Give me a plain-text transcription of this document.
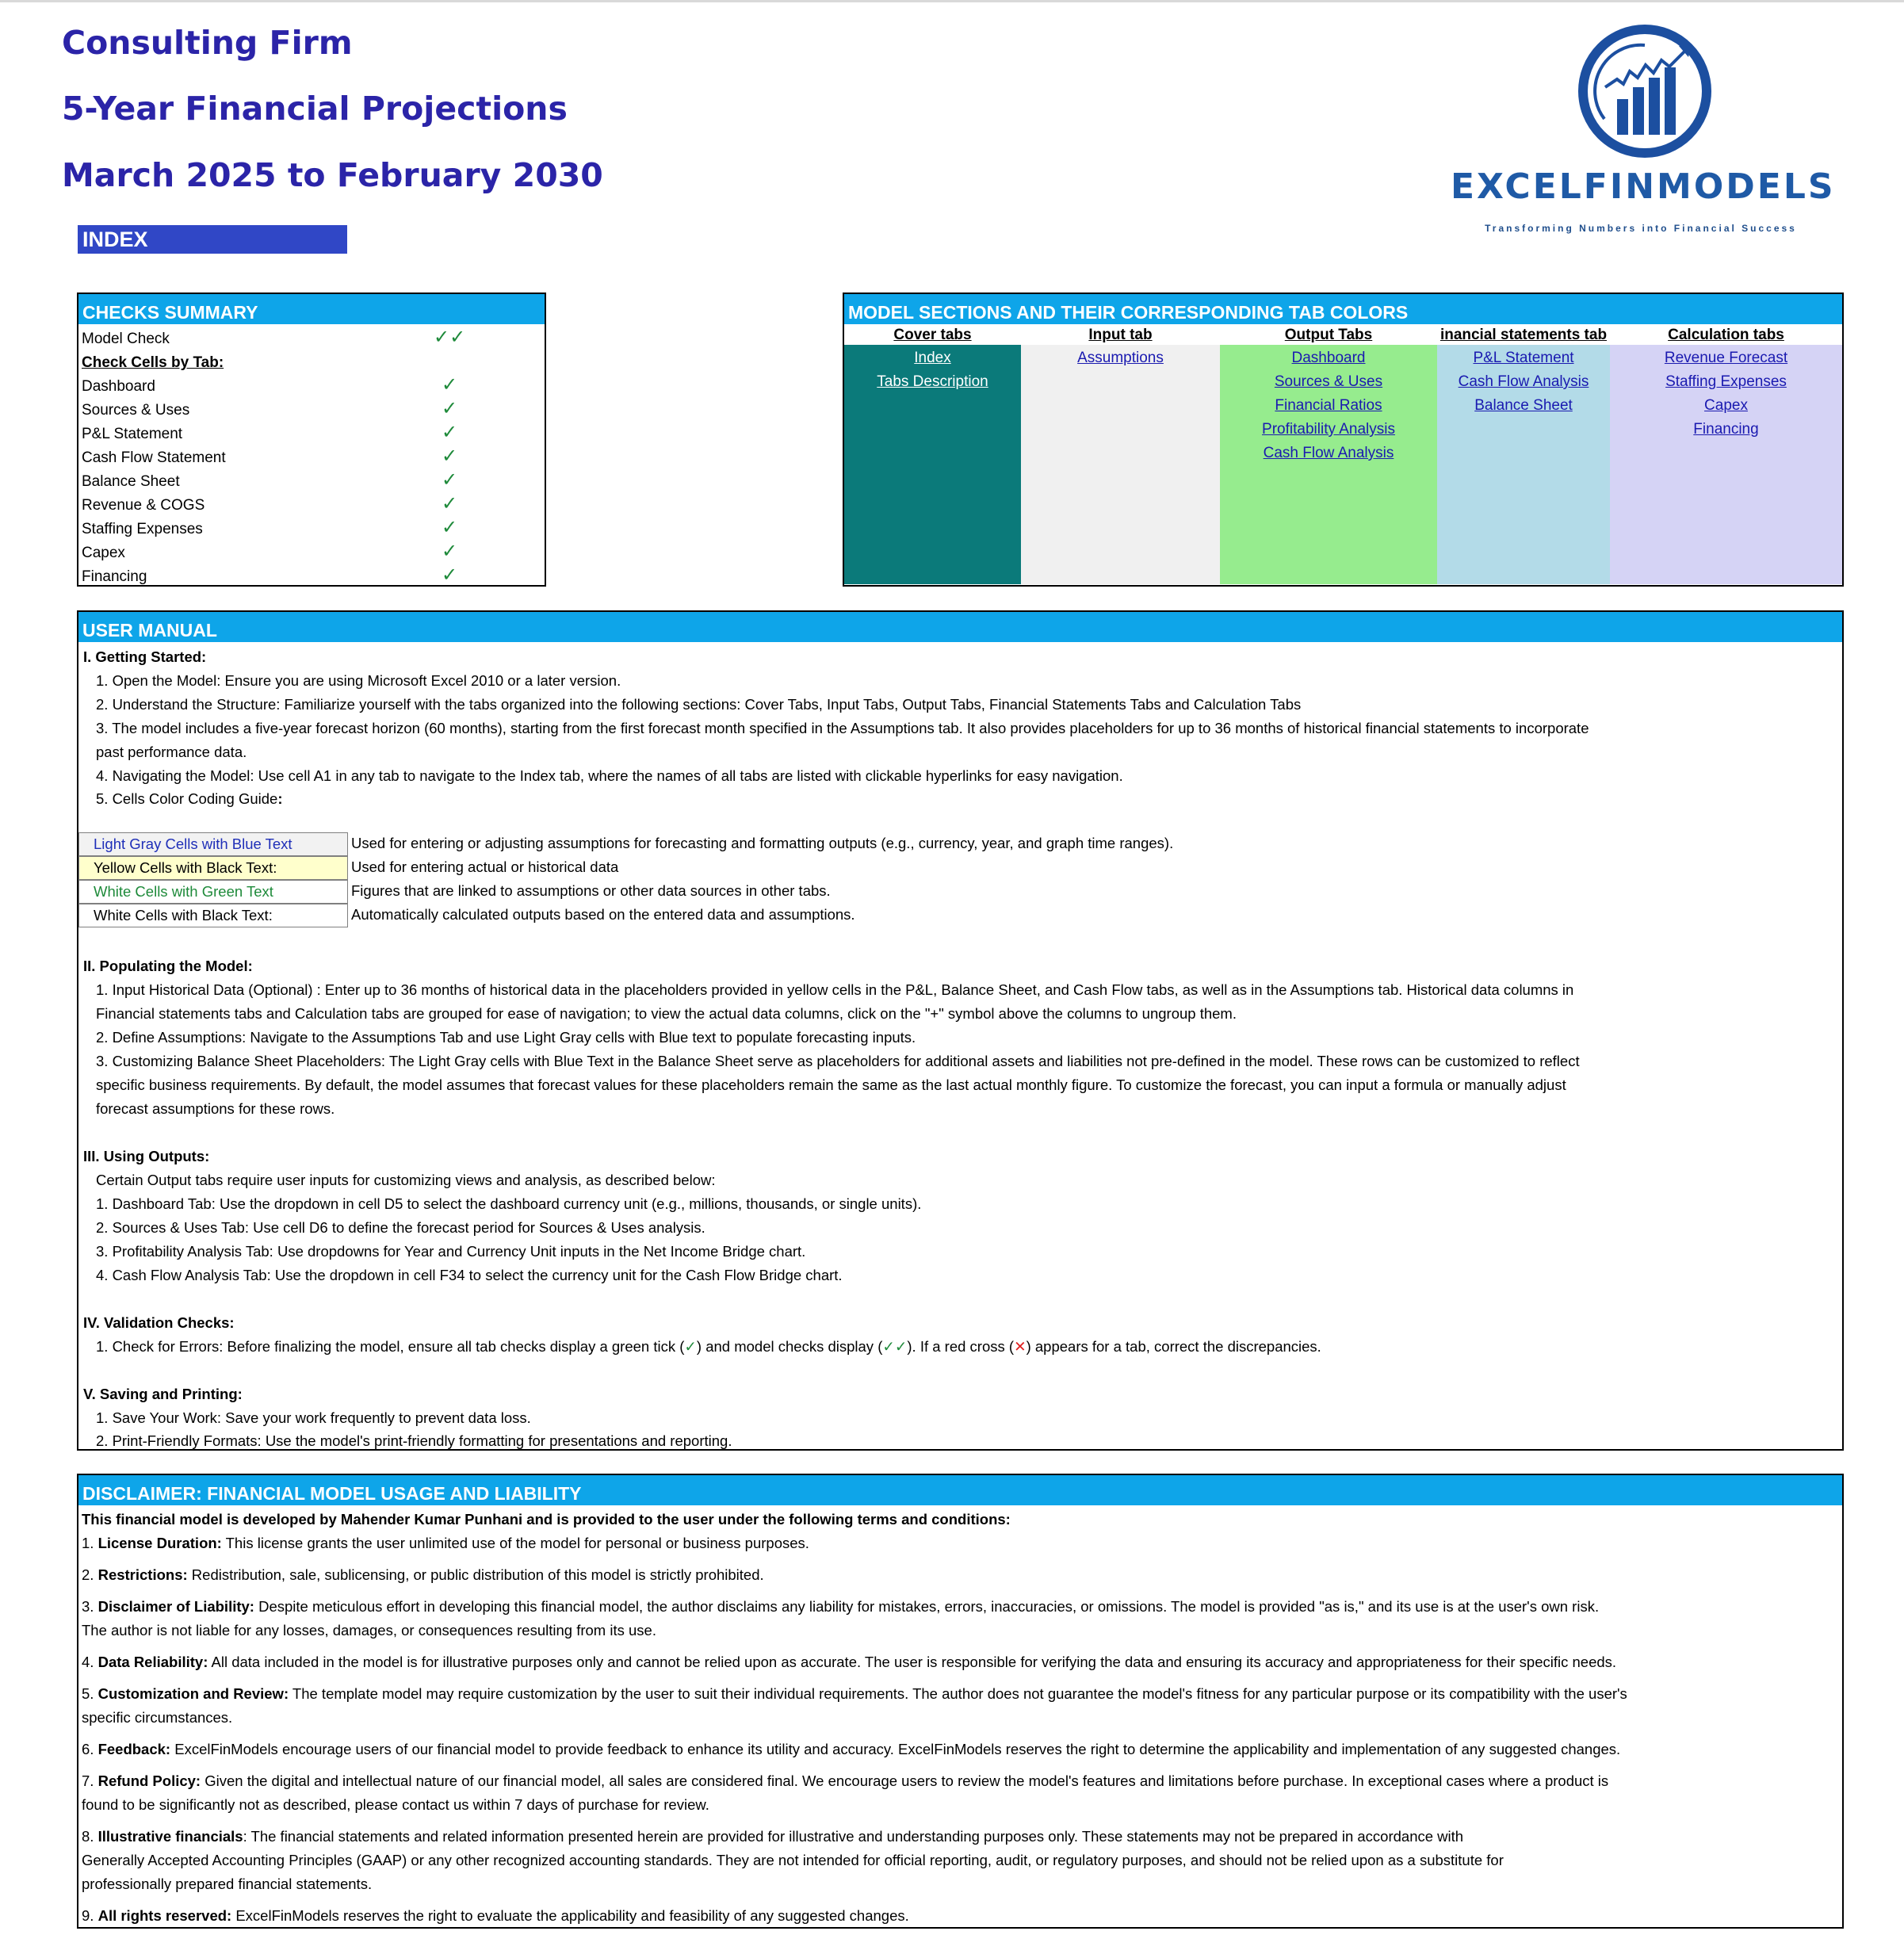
Consulting Firm
5-Year Financial Projections
March 2025 to February 2030
INDEX
EXCELFINMODELS
Transforming Numbers into Financial Success
CHECKS SUMMARY
Model Check	✓✓
Check Cells by Tab:
Dashboard	✓
Sources & Uses	✓
P&L Statement	✓
Cash Flow Statement	✓
Balance Sheet	✓
Revenue & COGS	✓
Staffing Expenses	✓
Capex	✓
Financing	✓
MODEL SECTIONS AND THEIR CORRESPONDING TAB COLORS
Cover tabs
Index
Tabs Description
Input tab
Assumptions
Output Tabs
Dashboard
Sources & Uses
Financial Ratios
Profitability Analysis
Cash Flow Analysis
inancial statements tab
P&L Statement
Cash Flow Analysis
Balance Sheet
Calculation tabs
Revenue Forecast
Staffing Expenses
Capex
Financing
USER MANUAL
I. Getting Started:
1. Open the Model: Ensure you are using Microsoft Excel 2010 or a later version.
2. Understand the Structure: Familiarize yourself with the tabs organized into the following sections: Cover Tabs, Input Tabs, Output Tabs, Financial Statements Tabs and Calculation Tabs
3. The model includes a five-year forecast horizon (60 months), starting from the first forecast month specified in the Assumptions tab. It also provides placeholders for up to 36 months of historical financial statements to incorporate
past performance data.
4. Navigating the Model: Use cell A1 in any tab to navigate to the Index tab, where the names of all tabs are listed with clickable hyperlinks for easy navigation.
5. Cells Color Coding Guide:
Light Gray Cells with Blue Text	Used for entering or adjusting assumptions for forecasting and formatting outputs (e.g., currency, year, and graph time ranges).
Yellow Cells with Black Text:	Used for entering actual or historical data
White Cells with Green Text	Figures that are linked to assumptions or other data sources in other tabs.
White Cells with Black Text:	Automatically calculated outputs based on the entered data and assumptions.
II. Populating the Model:
1. Input Historical Data (Optional) : Enter up to 36 months of historical data in the placeholders provided in yellow cells in the P&L, Balance Sheet, and Cash Flow tabs, as well as in the Assumptions tab. Historical data columns in
Financial statements tabs and Calculation tabs are grouped for ease of navigation; to view the actual data columns, click on the "+" symbol above the columns to ungroup them.
2. Define Assumptions: Navigate to the Assumptions Tab and use Light Gray cells with Blue text to populate forecasting inputs.
3. Customizing Balance Sheet Placeholders: The Light Gray cells with Blue Text in the Balance Sheet serve as placeholders for additional assets and liabilities not pre-defined in the model. These rows can be customized to reflect
specific business requirements. By default, the model assumes that forecast values for these placeholders remain the same as the last actual monthly figure. To customize the forecast, you can input a formula or manually adjust
forecast assumptions for these rows.
III. Using Outputs:
Certain Output tabs require user inputs for customizing views and analysis, as described below:
1. Dashboard Tab: Use the dropdown in cell D5 to select the dashboard currency unit (e.g., millions, thousands, or single units).
2. Sources & Uses Tab: Use cell D6 to define the forecast period for Sources & Uses analysis.
3. Profitability Analysis Tab: Use dropdowns for Year and Currency Unit inputs in the Net Income Bridge chart.
4. Cash Flow Analysis Tab: Use the dropdown in cell F34 to select the currency unit for the Cash Flow Bridge chart.
IV. Validation Checks:
1. Check for Errors: Before finalizing the model, ensure all tab checks display a green tick (✓) and model checks display (✓✓). If a red cross (✕) appears for a tab, correct the discrepancies.
V. Saving and Printing:
1. Save Your Work: Save your work frequently to prevent data loss.
2. Print-Friendly Formats: Use the model's print-friendly formatting for presentations and reporting.
DISCLAIMER: FINANCIAL MODEL USAGE AND LIABILITY
This financial model is developed by Mahender Kumar Punhani and is provided to the user under the following terms and conditions:
1. License Duration: This license grants the user unlimited use of the model for personal or business purposes.
2. Restrictions: Redistribution, sale, sublicensing, or public distribution of this model is strictly prohibited.
3. Disclaimer of Liability: Despite meticulous effort in developing this financial model, the author disclaims any liability for mistakes, errors, inaccuracies, or omissions. The model is provided "as is," and its use is at the user's own risk.
The author is not liable for any losses, damages, or consequences resulting from its use.
4. Data Reliability: All data included in the model is for illustrative purposes only and cannot be relied upon as accurate. The user is responsible for verifying the data and ensuring its accuracy and appropriateness for their specific needs.
5. Customization and Review: The template model may require customization by the user to suit their individual requirements. The author does not guarantee the model's fitness for any particular purpose or its compatibility with the user's
specific circumstances.
6. Feedback: ExcelFinModels encourage users of our financial model to provide feedback to enhance its utility and accuracy. ExcelFinModels reserves the right to determine the applicability and implementation of any suggested changes.
7. Refund Policy: Given the digital and intellectual nature of our financial model, all sales are considered final. We encourage users to review the model's features and limitations before purchase. In exceptional cases where a product is
found to be significantly not as described, please contact us within 7 days of purchase for review.
8. Illustrative financials: The financial statements and related information presented herein are provided for illustrative and understanding purposes only. These statements may not be prepared in accordance with
Generally Accepted Accounting Principles (GAAP) or any other recognized accounting standards. They are not intended for official reporting, audit, or regulatory purposes, and should not be relied upon as a substitute for
professionally prepared financial statements.
9. All rights reserved: ExcelFinModels reserves the right to evaluate the applicability and feasibility of any suggested changes.
